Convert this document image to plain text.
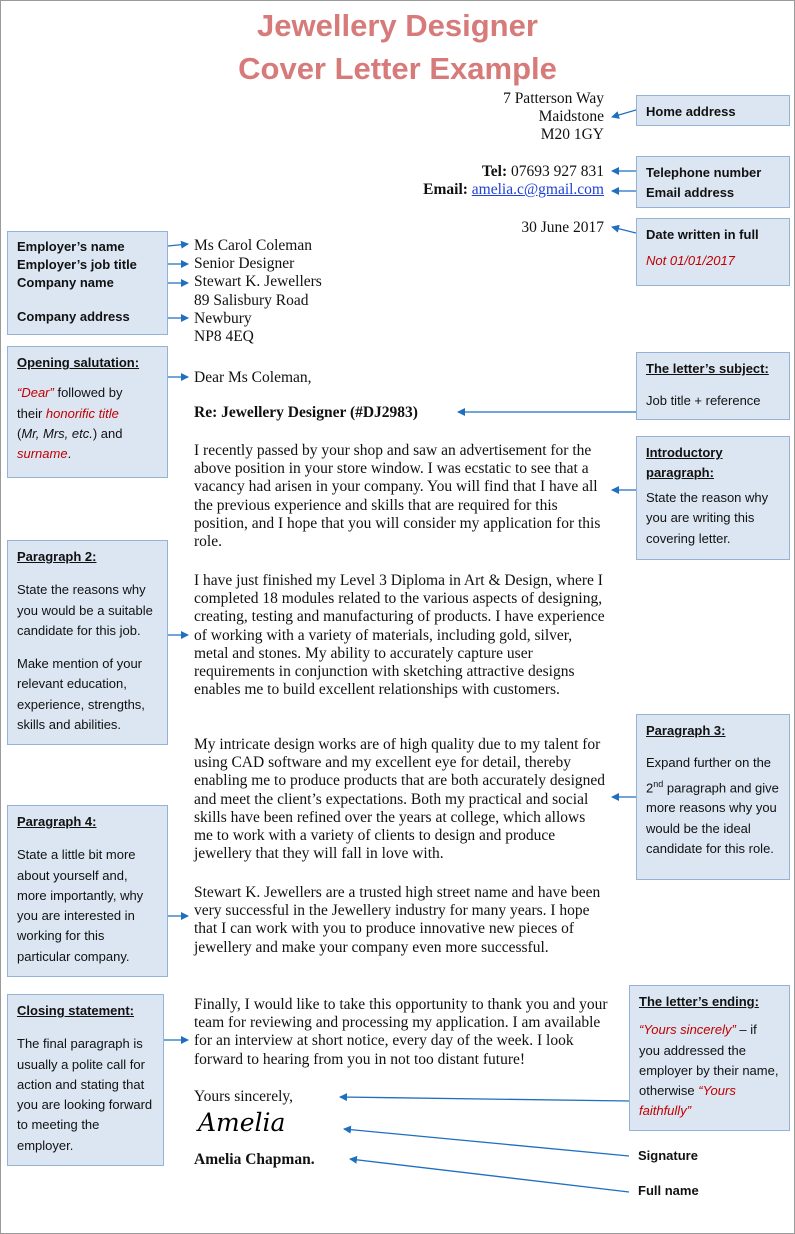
Jewellery Designer
Cover Letter Example
7 Patterson Way
Maidstone
M20 1GY
Tel: 07693 927 831
Email: amelia.c@gmail.com
30 June 2017
Ms Carol Coleman
Senior Designer
Stewart K. Jewellers
89 Salisbury Road
Newbury
NP8 4EQ
Dear Ms Coleman,
Re: Jewellery Designer (#DJ2983)
I recently passed by your shop and saw an advertisement for the above position in your store window. I was ecstatic to see that a vacancy had arisen in your company. You will find that I have all the previous experience and skills that are required for this position, and I hope that you will consider my application for this role.
I have just finished my Level 3 Diploma in Art & Design, where I completed 18 modules related to the various aspects of designing, creating, testing and manufacturing of products. I have experience of working with a variety of materials, including gold, silver, metal and stones. My ability to accurately capture user requirements in conjunction with sketching attractive designs enables me to build excellent relationships with customers.
My intricate design works are of high quality due to my talent for using CAD software and my excellent eye for detail, thereby enabling me to produce products that are both accurately designed and meet the client’s expectations. Both my practical and social skills have been refined over the years at college, which allows me to work with a variety of clients to design and produce jewellery that they will fall in love with.
Stewart K. Jewellers are a trusted high street name and have been very successful in the Jewellery industry for many years. I hope that I can work with you to produce innovative new pieces of jewellery and make your company even more successful.
Finally, I would like to take this opportunity to thank you and your team for reviewing and processing my application. I am available for an interview at short notice, every day of the week. I look forward to hearing from you in not too distant future!
Yours sincerely,
Amelia
Amelia Chapman.

Home address

Telephone number

Email address

Date written in full

Not 01/01/2017

The letter’s subject:

Job title + reference

Introductory paragraph:

State the reason why you are writing this covering letter.

Paragraph 3:

Expand further on the 2nd paragraph and give more reasons why you would be the ideal candidate for this role.

The letter’s ending:

“Yours sincerely” – if you addressed the employer by their name, otherwise “Yours faithfully”

Signature
Full name

Employer’s name

Employer’s job title

Company name

Company address

Opening salutation:

“Dear” followed by
their honorific title
(Mr, Mrs, etc.) and
surname.

Paragraph 2:

State the reasons why you would be a suitable candidate for this job.

Make mention of your relevant education, experience, strengths, skills and abilities.

Paragraph 4:

State a little bit more about yourself and, more importantly, why you are interested in working for this particular company.

Closing statement:

The final paragraph is usually a polite call for action and stating that you are looking forward to meeting the employer.
